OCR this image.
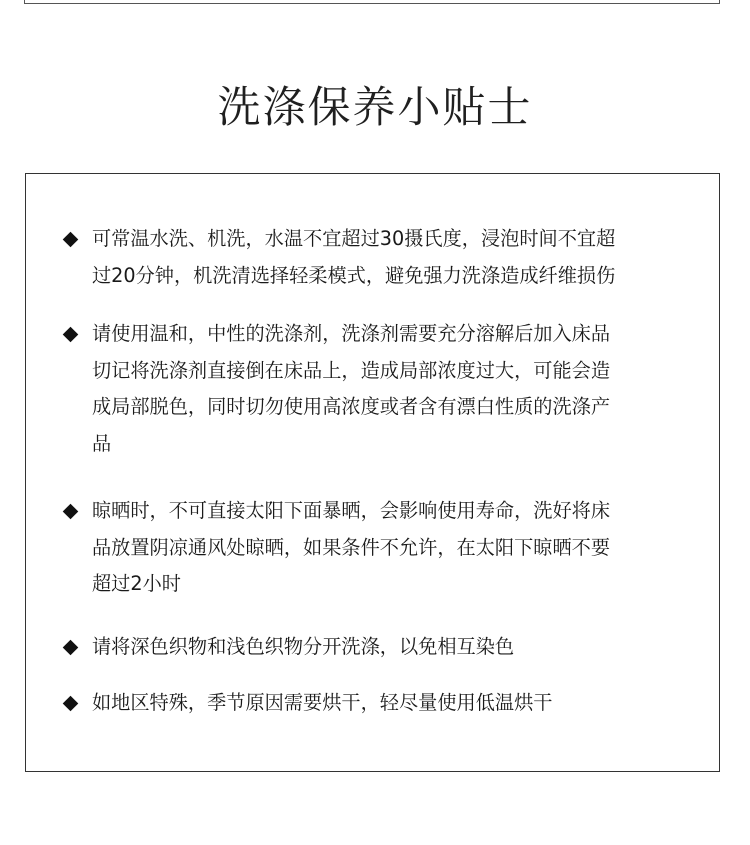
洗涤保养小贴士

可常温水洗、机洗，水温不宜超过30摄氏度，浸泡时间不宜超
过20分钟，机洗清选择轻柔模式，避免强力洗涤造成纤维损伤

请使用温和，中性的洗涤剂，洗涤剂需要充分溶解后加入床品
切记将洗涤剂直接倒在床品上，造成局部浓度过大，可能会造
成局部脱色，同时切勿使用高浓度或者含有漂白性质的洗涤产
品

晾晒时，不可直接太阳下面暴晒，会影响使用寿命，洗好将床
品放置阴凉通风处晾晒，如果条件不允许，在太阳下晾晒不要
超过2小时

请将深色织物和浅色织物分开洗涤，以免相互染色

如地区特殊，季节原因需要烘干，轻尽量使用低温烘干
